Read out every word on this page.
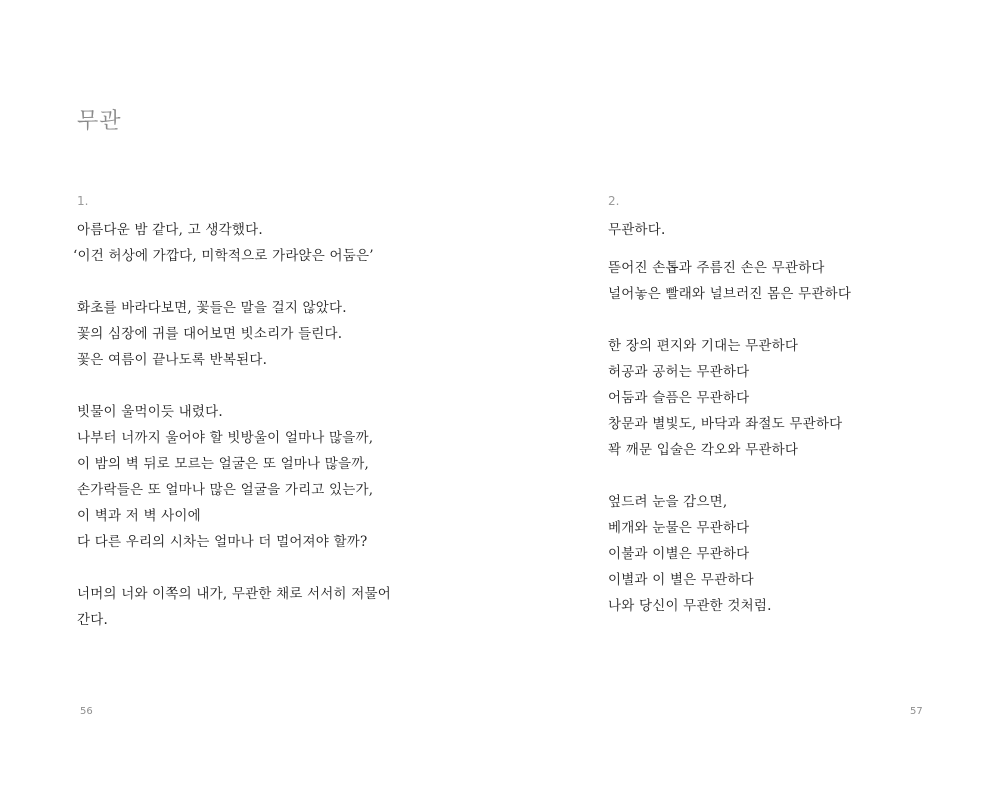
무관
1.
아름다운 밤 같다, 고 생각했다.
‘이건 허상에 가깝다, 미학적으로 가라앉은 어둠은’
화초를 바라다보면, 꽃들은 말을 걸지 않았다.
꽃의 심장에 귀를 대어보면 빗소리가 들린다.
꽃은 여름이 끝나도록 반복된다.
빗물이 울먹이듯 내렸다.
나부터 너까지 울어야 할 빗방울이 얼마나 많을까,
이 밤의 벽 뒤로 모르는 얼굴은 또 얼마나 많을까,
손가락들은 또 얼마나 많은 얼굴을 가리고 있는가,
이 벽과 저 벽 사이에
다 다른 우리의 시차는 얼마나 더 멀어져야 할까?
너머의 너와 이쪽의 내가, 무관한 채로 서서히 저물어
간다.
56
2.
무관하다.
뜯어진 손톱과 주름진 손은 무관하다
널어놓은 빨래와 널브러진 몸은 무관하다
한 장의 편지와 기대는 무관하다
허공과 공허는 무관하다
어둠과 슬픔은 무관하다
창문과 별빛도, 바닥과 좌절도 무관하다
꽉 깨문 입술은 각오와 무관하다
엎드려 눈을 감으면,
베개와 눈물은 무관하다
이불과 이별은 무관하다
이별과 이 별은 무관하다
나와 당신이 무관한 것처럼.
57
